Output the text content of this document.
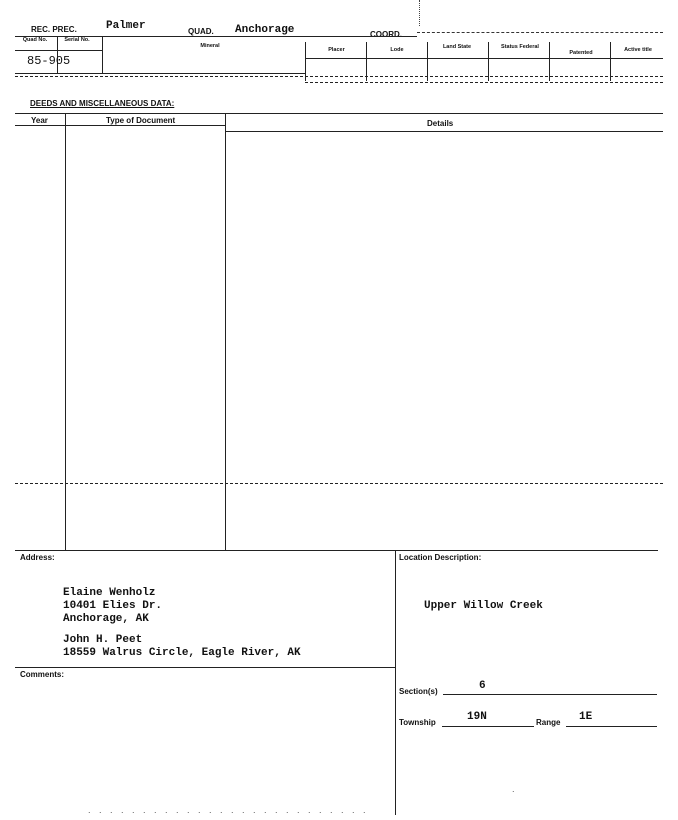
REC. PREC.	Palmer	QUAD. Anchorage	COORD.
Quad No.	Serial No.
Mineral
Placer	Lode	Land State	Status Federal
Patented	Active title
85-905
DEEDS AND MISCELLANEOUS DATA:
Year	Type of Document	Details
Address:
Elaine Wenholz
10401 Elies Dr.
Anchorage, AK
John H. Peet
18559 Walrus Circle, Eagle River, AK
Comments:
Location Description:
Upper Willow Creek
Section(s)	6
Township	19N	Range 1E
. . . . . . . . . . . . . . . . . . . . . . . . . .
.
